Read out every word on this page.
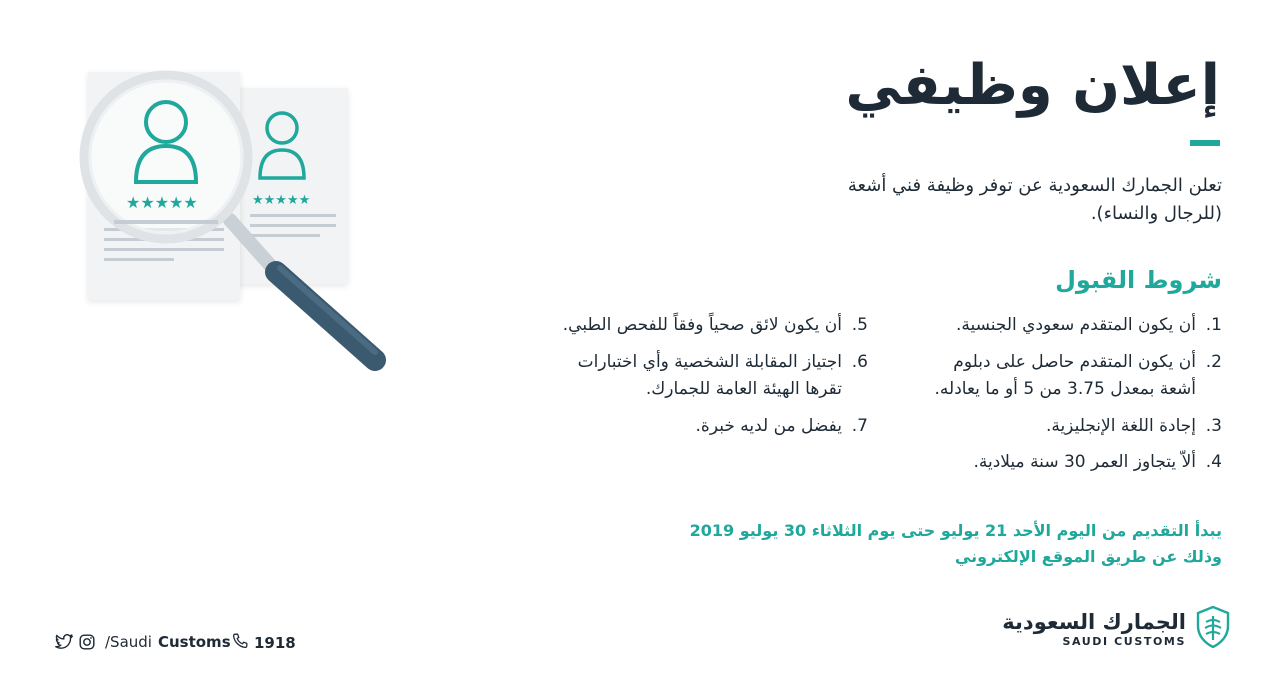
★★★★★
★★★★★
إعلان وظيفي
تعلن الجمارك السعودية عن توفر وظيفة فني أشعة (للرجال والنساء).
شروط القبول
1.
أن يكون المتقدم سعودي الجنسية.
2.
أن يكون المتقدم حاصل على دبلوم أشعة بمعدل 3.75 من 5 أو ما يعادله.
3.
إجادة اللغة الإنجليزية.
4.
ألاّ يتجاوز العمر 30 سنة ميلادية.
5.
أن يكون لائق صحياً وفقاً للفحص الطبي.
6.
اجتياز المقابلة الشخصية وأي اختبارات تقرها الهيئة العامة للجمارك.
7.
يفضل من لديه خبرة.
يبدأ التقديم من اليوم الأحد 21 يوليو حتى يوم الثلاثاء 30 يوليو 2019
وذلك عن طريق الموقع الإلكتروني
/Saudi Customs 1918
الجمارك السعودية
SAUDI CUSTOMS
